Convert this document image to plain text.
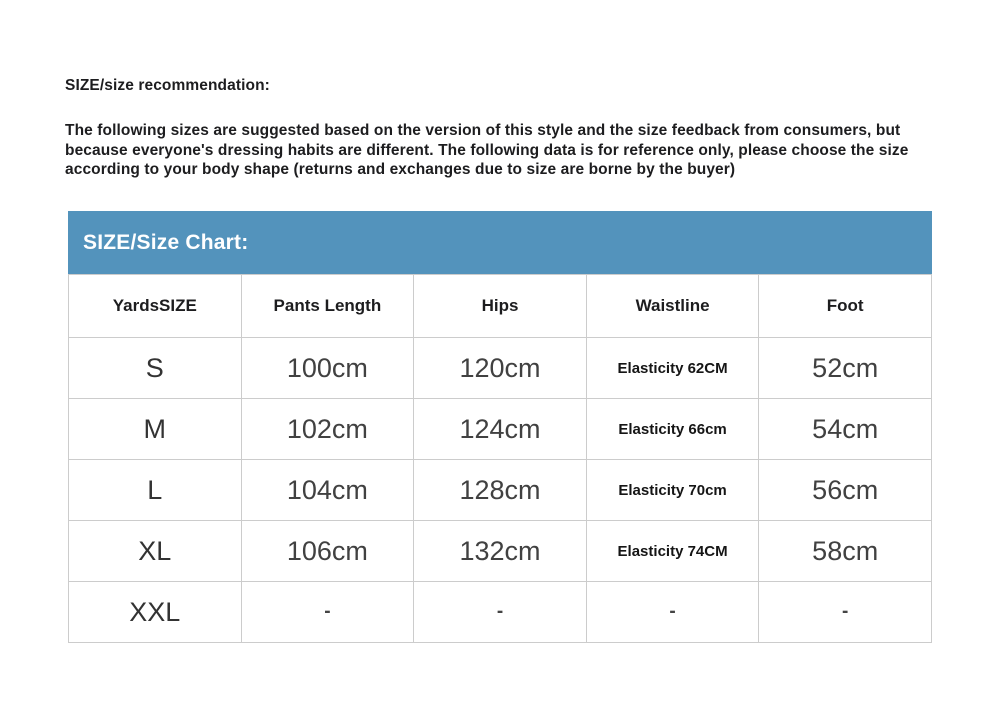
SIZE/size recommendation:
The following sizes are suggested based on the version of this style and the size feedback from consumers, but because everyone's dressing habits are different. The following data is for reference only, please choose the size according to your body shape (returns and exchanges due to size are borne by the buyer)
SIZE/Size Chart:
YardsSIZE	Pants Length	Hips	Waistline	Foot
S	100cm	120cm	Elasticity 62CM	52cm
M	102cm	124cm	Elasticity 66cm	54cm
L	104cm	128cm	Elasticity 70cm	56cm
XL	106cm	132cm	Elasticity 74CM	58cm
XXL	-	-	-	-
